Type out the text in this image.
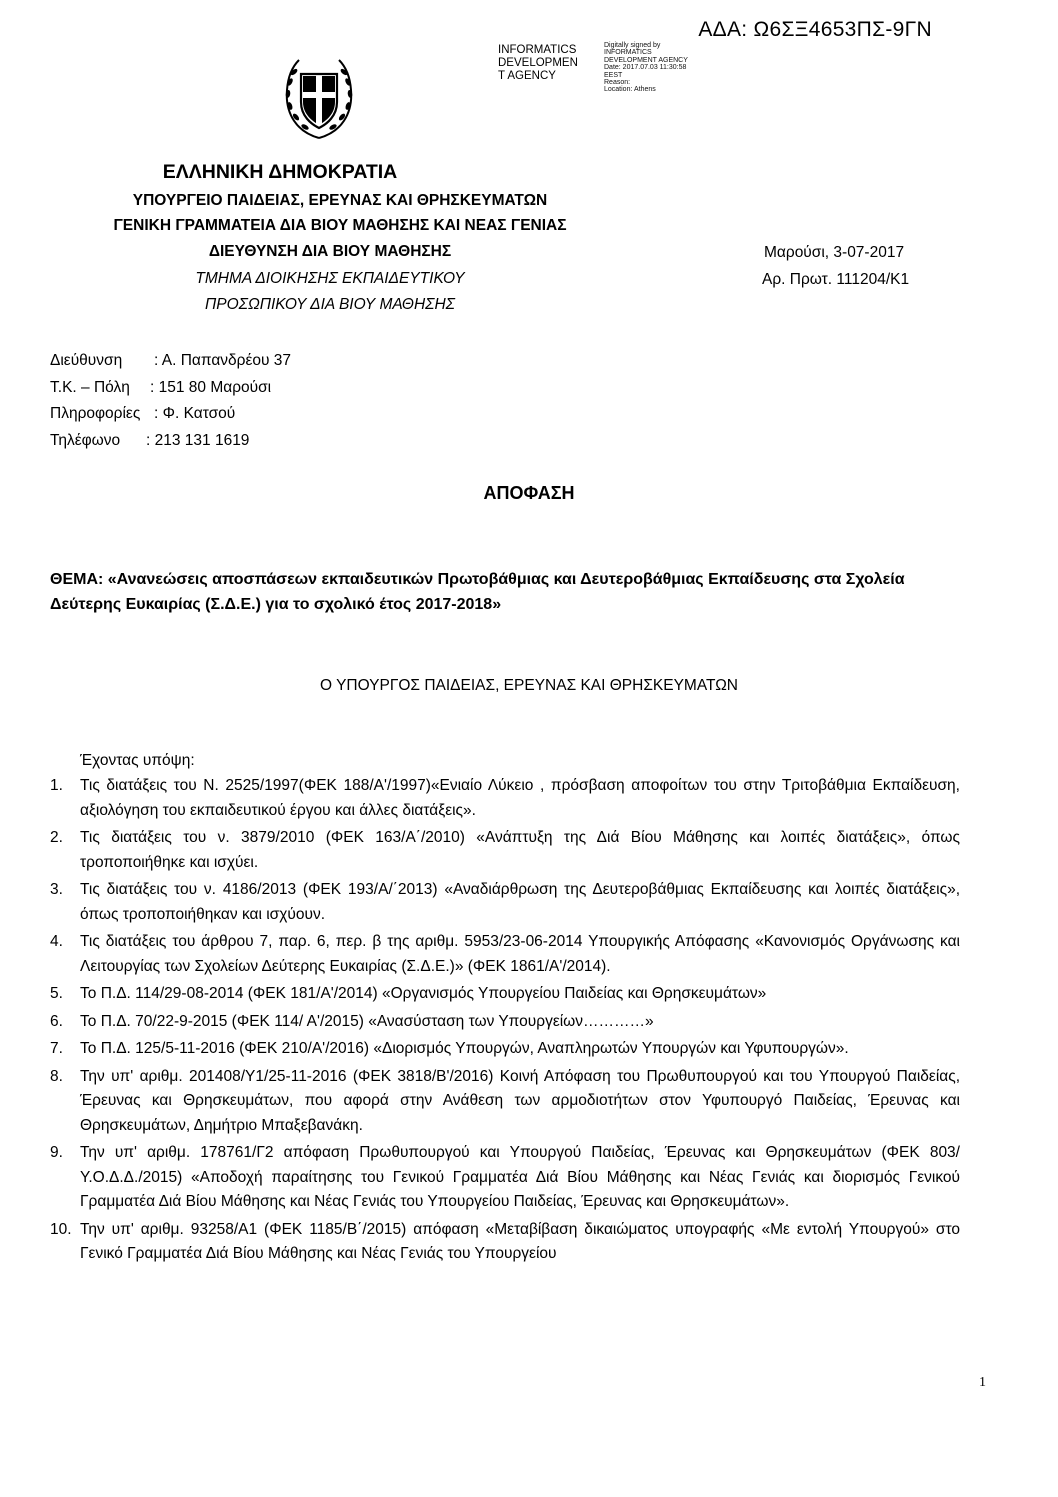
ΑΔΑ: Ω6ΣΞ4653ΠΣ-9ΓΝ
INFORMATICS
DEVELOPMEN
T AGENCY
Digitally signed by
INFORMATICS
DEVELOPMENT AGENCY
Date: 2017.07.03 11:30:58
EEST
Reason:
Location: Athens
ΕΛΛΗΝΙΚΗ ΔΗΜΟΚΡΑΤΙΑ
ΥΠΟΥΡΓΕΙΟ ΠΑΙΔΕΙΑΣ, ΕΡΕΥΝΑΣ ΚΑΙ ΘΡΗΣΚΕΥΜΑΤΩΝ
ΓΕΝΙΚΗ ΓΡΑΜΜΑΤΕΙΑ ΔΙΑ ΒΙΟΥ ΜΑΘΗΣΗΣ ΚΑΙ ΝΕΑΣ ΓΕΝΙΑΣ
ΔΙΕΥΘΥΝΣΗ ΔΙΑ ΒΙΟΥ ΜΑΘΗΣΗΣ
ΤΜΗΜΑ ΔΙΟΙΚΗΣΗΣ ΕΚΠΑΙΔΕΥΤΙΚΟΥ
ΠΡΟΣΩΠΙΚΟΥ ΔΙΑ ΒΙΟΥ ΜΑΘΗΣΗΣ
Μαρούσι, 3-07-2017
Αρ. Πρωτ. 111204/Κ1
Διεύθυνση : Α. Παπανδρέου 37
Τ.Κ. – Πόλη : 151 80 Μαρούσι
Πληροφορίες : Φ. Κατσού
Τηλέφωνο : 213 131 1619
ΑΠΟΦΑΣΗ
ΘΕΜΑ: «Ανανεώσεις αποσπάσεων εκπαιδευτικών Πρωτοβάθμιας και Δευτεροβάθμιας Εκπαίδευσης στα Σχολεία Δεύτερης Ευκαιρίας (Σ.Δ.Ε.) για το σχολικό έτος 2017-2018»
Ο ΥΠΟΥΡΓΟΣ ΠΑΙΔΕΙΑΣ, ΕΡΕΥΝΑΣ ΚΑΙ ΘΡΗΣΚΕΥΜΑΤΩΝ
Έχοντας υπόψη:
1.	Τις διατάξεις του Ν. 2525/1997(ΦΕΚ 188/Α'/1997)«Ενιαίο Λύκειο , πρόσβαση αποφοίτων του στην Τριτοβάθμια Εκπαίδευση, αξιολόγηση του εκπαιδευτικού έργου και άλλες διατάξεις».
2.	Τις διατάξεις του ν. 3879/2010 (ΦΕΚ 163/Α΄/2010) «Ανάπτυξη της Διά Βίου Μάθησης και λοιπές διατάξεις», όπως τροποποιήθηκε και ισχύει.
3.	Τις διατάξεις του ν. 4186/2013 (ΦΕΚ 193/Α/΄2013) «Αναδιάρθρωση της Δευτεροβάθμιας Εκπαίδευσης και λοιπές διατάξεις», όπως τροποποιήθηκαν και ισχύουν.
4.	Τις διατάξεις του άρθρου 7, παρ. 6, περ. β της αριθμ. 5953/23-06-2014 Υπουργικής Απόφασης «Κανονισμός Οργάνωσης και Λειτουργίας των Σχολείων Δεύτερης Ευκαιρίας (Σ.Δ.Ε.)» (ΦΕΚ 1861/Α'/2014).
5.	Το Π.Δ. 114/29-08-2014 (ΦΕΚ 181/Α'/2014) «Οργανισμός Υπουργείου Παιδείας και Θρησκευμάτων»
6.	Το Π.Δ. 70/22-9-2015 (ΦΕΚ 114/ Α'/2015) «Ανασύσταση των Υπουργείων…………»
7.	Το Π.Δ. 125/5-11-2016 (ΦΕΚ 210/Α'/2016) «Διορισμός Υπουργών, Αναπληρωτών Υπουργών και Υφυπουργών».
8.	Την υπ' αριθμ. 201408/Υ1/25-11-2016 (ΦΕΚ 3818/Β'/2016) Κοινή Απόφαση του Πρωθυπουργού και του Υπουργού Παιδείας, Έρευνας και Θρησκευμάτων, που αφορά στην Ανάθεση των αρμοδιοτήτων στον Υφυπουργό Παιδείας, Έρευνας και Θρησκευμάτων, Δημήτριο Μπαξεβανάκη.
9.	Την υπ' αριθμ. 178761/Γ2 απόφαση Πρωθυπουργού και Υπουργού Παιδείας, Έρευνας και Θρησκευμάτων (ΦΕΚ 803/Υ.Ο.Δ.Δ./2015) «Αποδοχή παραίτησης του Γενικού Γραμματέα Διά Βίου Μάθησης και Νέας Γενιάς και διορισμός Γενικού Γραμματέα Διά Βίου Μάθησης και Νέας Γενιάς του Υπουργείου Παιδείας, Έρευνας και Θρησκευμάτων».
10. Την υπ' αριθμ. 93258/Α1 (ΦΕΚ 1185/Β΄/2015) απόφαση «Μεταβίβαση δικαιώματος υπογραφής «Με εντολή Υπουργού» στο Γενικό Γραμματέα Διά Βίου Μάθησης και Νέας Γενιάς του Υπουργείου
1
